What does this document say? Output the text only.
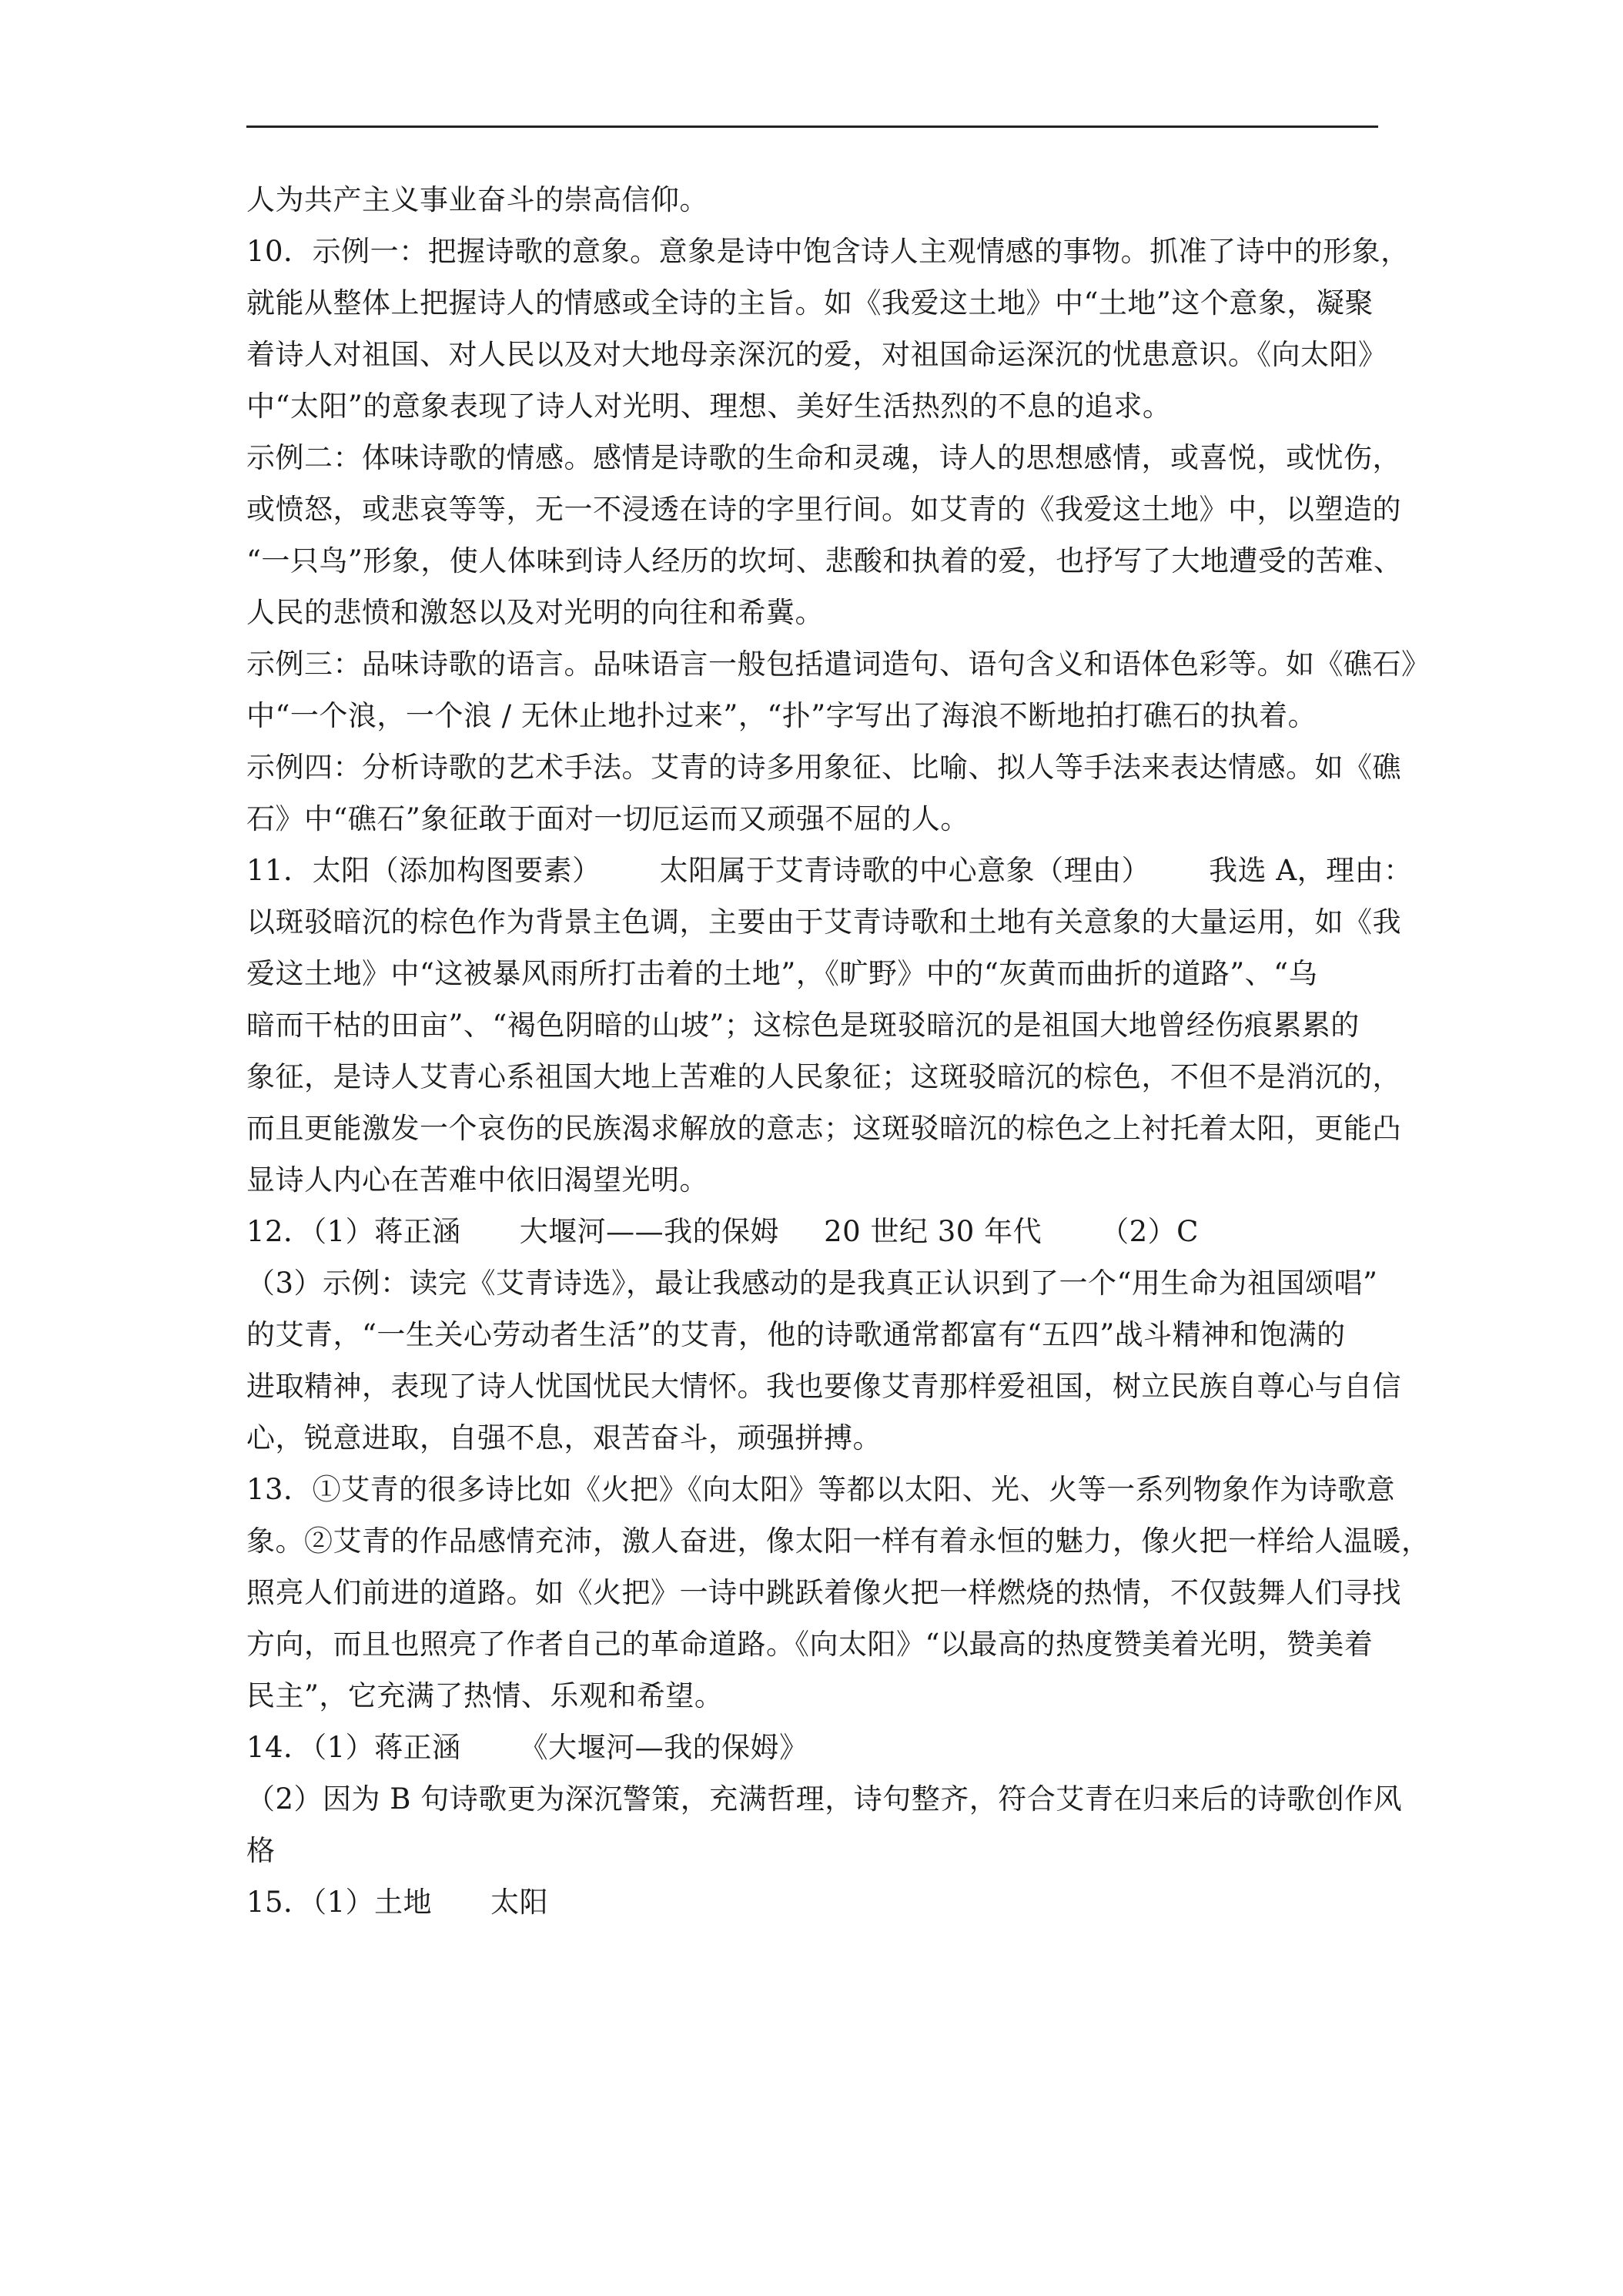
人为共产主义事业奋斗的崇高信仰。
10．示例一：把握诗歌的意象。意象是诗中饱含诗人主观情感的事物。抓准了诗中的形象，
就能从整体上把握诗人的情感或全诗的主旨。如《我爱这土地》中“土地”这个意象，凝聚
着诗人对祖国、对人民以及对大地母亲深沉的爱，对祖国命运深沉的忧患意识。《向太阳》
中“太阳”的意象表现了诗人对光明、理想、美好生活热烈的不息的追求。
示例二：体味诗歌的情感。感情是诗歌的生命和灵魂，诗人的思想感情，或喜悦，或忧伤，
或愤怒，或悲哀等等，无一不浸透在诗的字里行间。如艾青的《我爱这土地》中，以塑造的
“一只鸟”形象，使人体味到诗人经历的坎坷、悲酸和执着的爱，也抒写了大地遭受的苦难、
人民的悲愤和激怒以及对光明的向往和希冀。
示例三：品味诗歌的语言。品味语言一般包括遣词造句、语句含义和语体色彩等。如《礁石》
中“一个浪，一个浪 / 无休止地扑过来”，“扑”字写出了海浪不断地拍打礁石的执着。
示例四：分析诗歌的艺术手法。艾青的诗多用象征、比喻、拟人等手法来表达情感。如《礁
石》中“礁石”象征敢于面对一切厄运而又顽强不屈的人。
11．太阳（添加构图要素） 太阳属于艾青诗歌的中心意象（理由） 我选 A，理由：
以斑驳暗沉的棕色作为背景主色调，主要由于艾青诗歌和土地有关意象的大量运用，如《我
爱这土地》中“这被暴风雨所打击着的土地”，《旷野》中的“灰黄而曲折的道路”、“乌
暗而干枯的田亩”、“褐色阴暗的山坡”；这棕色是斑驳暗沉的是祖国大地曾经伤痕累累的
象征，是诗人艾青心系祖国大地上苦难的人民象征；这斑驳暗沉的棕色，不但不是消沉的，
而且更能激发一个哀伤的民族渴求解放的意志；这斑驳暗沉的棕色之上衬托着太阳，更能凸
显诗人内心在苦难中依旧渴望光明。
12．（1）蒋正涵 大堰河——我的保姆 20 世纪 30 年代 （2）C
（3）示例：读完《艾青诗选》，最让我感动的是我真正认识到了一个“用生命为祖国颂唱”
的艾青，“一生关心劳动者生活”的艾青，他的诗歌通常都富有“五四”战斗精神和饱满的
进取精神，表现了诗人忧国忧民大情怀。我也要像艾青那样爱祖国，树立民族自尊心与自信
心，锐意进取，自强不息，艰苦奋斗，顽强拼搏。
13．①艾青的很多诗比如《火把》《向太阳》等都以太阳、光、火等一系列物象作为诗歌意
象。②艾青的作品感情充沛，激人奋进，像太阳一样有着永恒的魅力，像火把一样给人温暖，
照亮人们前进的道路。如《火把》一诗中跳跃着像火把一样燃烧的热情，不仅鼓舞人们寻找
方向，而且也照亮了作者自己的革命道路。《向太阳》“以最高的热度赞美着光明，赞美着
民主”，它充满了热情、乐观和希望。
14．（1）蒋正涵 《大堰河—我的保姆》
（2）因为 B 句诗歌更为深沉警策，充满哲理，诗句整齐，符合艾青在归来后的诗歌创作风
格
15．（1）土地 太阳
